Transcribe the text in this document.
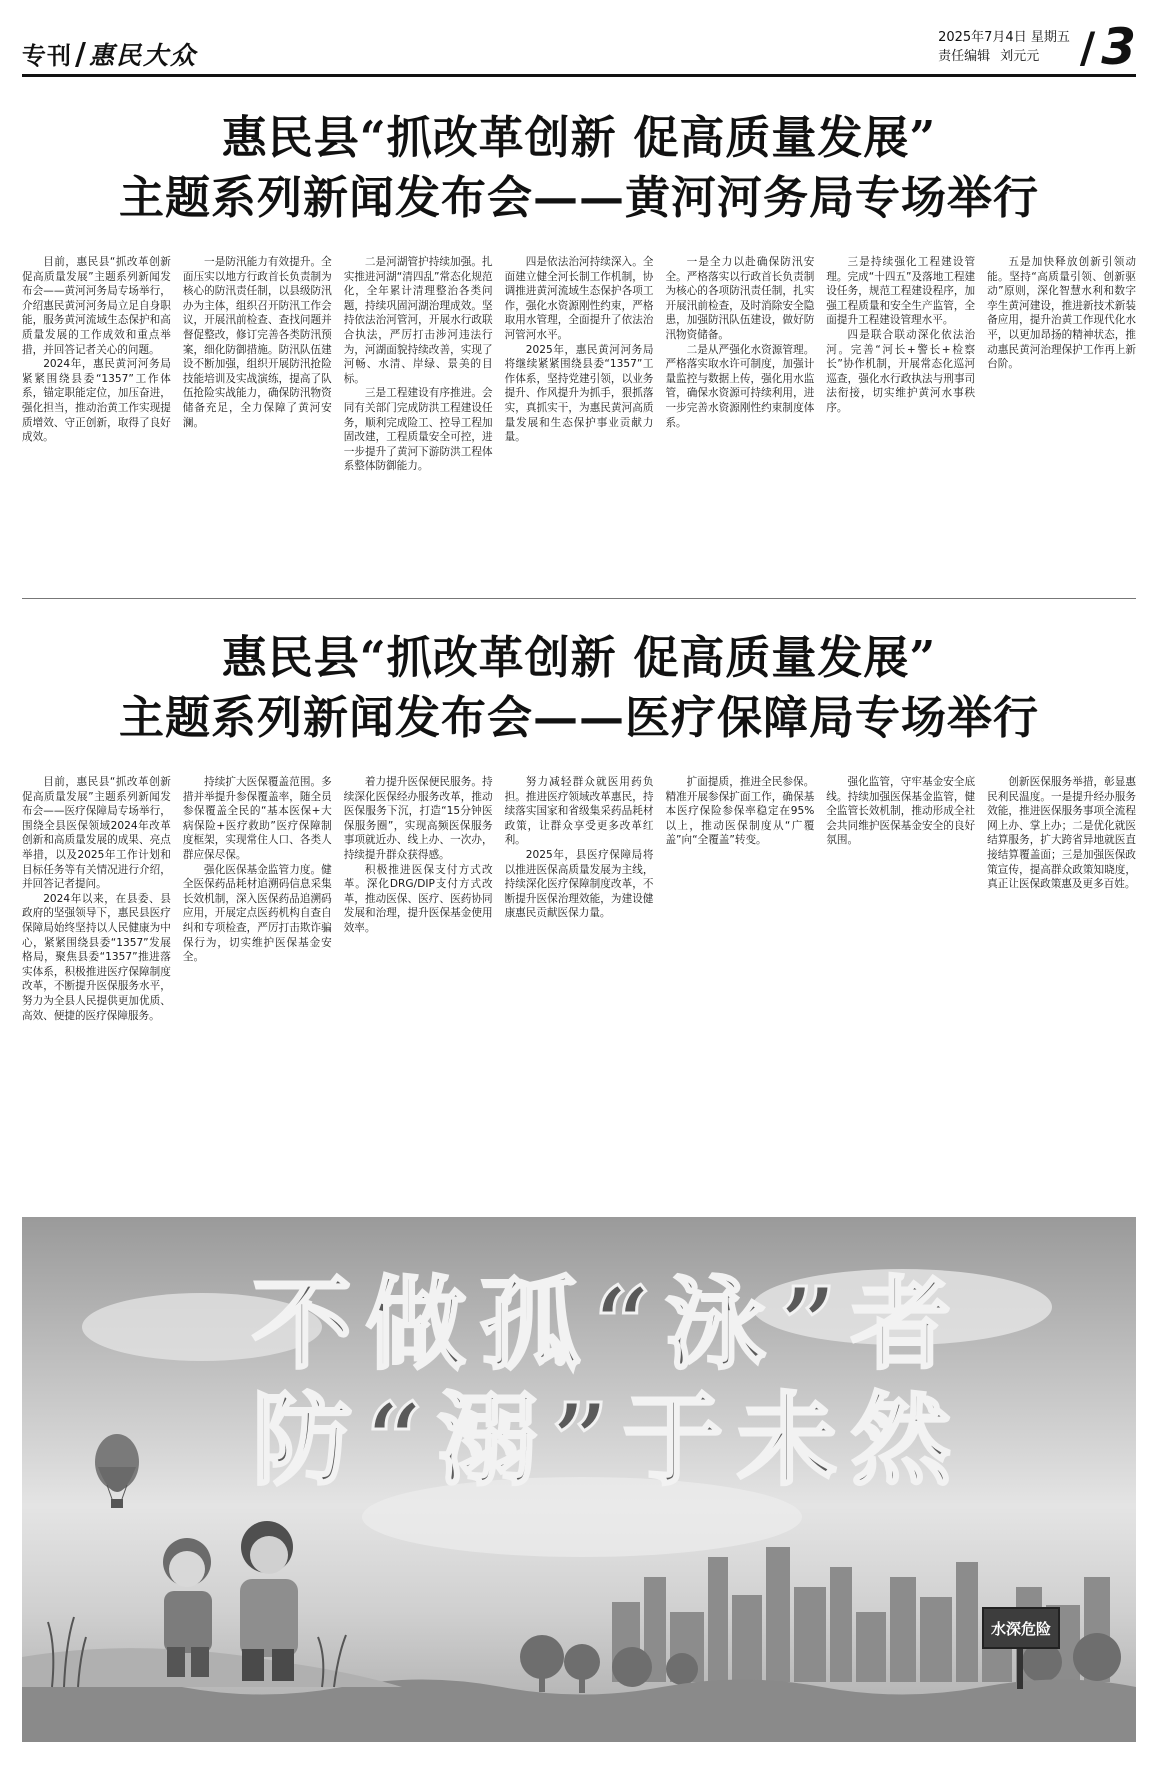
专刊 / 惠民大众
2025年7月4日 星期五
责任编辑 刘元元 / 3
惠民县“抓改革创新 促高质量发展”
主题系列新闻发布会——黄河河务局专场举行

目前，惠民县“抓改革创新 促高质量发展”主题系列新闻发布会——黄河河务局专场举行，介绍惠民黄河河务局立足自身职能，服务黄河流域生态保护和高质量发展的工作成效和重点举措，并回答记者关心的问题。

2024年，惠民黄河河务局紧紧围绕县委“1357”工作体系，锚定职能定位，加压奋进，强化担当，推动治黄工作实现提质增效、守正创新，取得了良好成效。

一是防汛能力有效提升。全面压实以地方行政首长负责制为核心的防汛责任制，以县级防汛办为主体，组织召开防汛工作会议，开展汛前检查、查找问题并督促整改，修订完善各类防汛预案，细化防御措施。防汛队伍建设不断加强，组织开展防汛抢险技能培训及实战演练，提高了队伍抢险实战能力，确保防汛物资储备充足，全力保障了黄河安澜。

二是河湖管护持续加强。扎实推进河湖“清四乱”常态化规范化，全年累计清理整治各类问题，持续巩固河湖治理成效。坚持依法治河管河，开展水行政联合执法，严厉打击涉河违法行为，河湖面貌持续改善，实现了河畅、水清、岸绿、景美的目标。

三是工程建设有序推进。会同有关部门完成防洪工程建设任务，顺利完成险工、控导工程加固改建，工程质量安全可控，进一步提升了黄河下游防洪工程体系整体防御能力。

四是依法治河持续深入。全面建立健全河长制工作机制，协调推进黄河流域生态保护各项工作，强化水资源刚性约束，严格取用水管理，全面提升了依法治河管河水平。

2025年，惠民黄河河务局将继续紧紧围绕县委“1357”工作体系，坚持党建引领，以业务提升、作风提升为抓手，狠抓落实，真抓实干，为惠民黄河高质量发展和生态保护事业贡献力量。

一是全力以赴确保防汛安全。严格落实以行政首长负责制为核心的各项防汛责任制，扎实开展汛前检查，及时消除安全隐患，加强防汛队伍建设，做好防汛物资储备。

二是从严强化水资源管理。严格落实取水许可制度，加强计量监控与数据上传，强化用水监管，确保水资源可持续利用，进一步完善水资源刚性约束制度体系。

三是持续强化工程建设管理。完成“十四五”及落地工程建设任务，规范工程建设程序，加强工程质量和安全生产监管，全面提升工程建设管理水平。

四是联合联动深化依法治河。完善“河长+警长+检察长”协作机制，开展常态化巡河巡查，强化水行政执法与刑事司法衔接，切实维护黄河水事秩序。

五是加快释放创新引领动能。坚持“高质量引领、创新驱动”原则，深化智慧水利和数字孪生黄河建设，推进新技术新装备应用，提升治黄工作现代化水平，以更加昂扬的精神状态，推动惠民黄河治理保护工作再上新台阶。

惠民县“抓改革创新 促高质量发展”
主题系列新闻发布会——医疗保障局专场举行

目前，惠民县“抓改革创新 促高质量发展”主题系列新闻发布会——医疗保障局专场举行，围绕全县医保领域2024年改革创新和高质量发展的成果、亮点举措，以及2025年工作计划和目标任务等有关情况进行介绍，并回答记者提问。

2024年以来，在县委、县政府的坚强领导下，惠民县医疗保障局始终坚持以人民健康为中心，紧紧围绕县委“1357”发展格局，聚焦县委“1357”推进落实体系，积极推进医疗保障制度改革，不断提升医保服务水平，努力为全县人民提供更加优质、高效、便捷的医疗保障服务。

持续扩大医保覆盖范围。多措并举提升参保覆盖率，随全员参保覆盖全民的“基本医保+大病保险+医疗救助”医疗保障制度框架，实现常住人口、各类人群应保尽保。

强化医保基金监管力度。健全医保药品耗材追溯码信息采集长效机制，深入医保药品追溯码应用，开展定点医药机构自查自纠和专项检查，严厉打击欺诈骗保行为，切实维护医保基金安全。

着力提升医保便民服务。持续深化医保经办服务改革，推动医保服务下沉，打造“15分钟医保服务圈”，实现高频医保服务事项就近办、线上办、一次办，持续提升群众获得感。

积极推进医保支付方式改革。深化DRG/DIP支付方式改革，推动医保、医疗、医药协同发展和治理，提升医保基金使用效率。

努力减轻群众就医用药负担。推进医疗领域改革惠民，持续落实国家和省级集采药品耗材政策，让群众享受更多改革红利。

2025年，县医疗保障局将以推进医保高质量发展为主线，持续深化医疗保障制度改革，不断提升医保治理效能，为建设健康惠民贡献医保力量。

扩面提质，推进全民参保。精准开展参保扩面工作，确保基本医疗保险参保率稳定在95%以上，推动医保制度从“广覆盖”向“全覆盖”转变。

强化监管，守牢基金安全底线。持续加强医保基金监管，健全监管长效机制，推动形成全社会共同维护医保基金安全的良好氛围。

创新医保服务举措，彰显惠民利民温度。一是提升经办服务效能，推进医保服务事项全流程网上办、掌上办；二是优化就医结算服务，扩大跨省异地就医直接结算覆盖面；三是加强医保政策宣传，提高群众政策知晓度，真正让医保政策惠及更多百姓。

不做孤“泳”者
防“溺”于未然
水深危险
